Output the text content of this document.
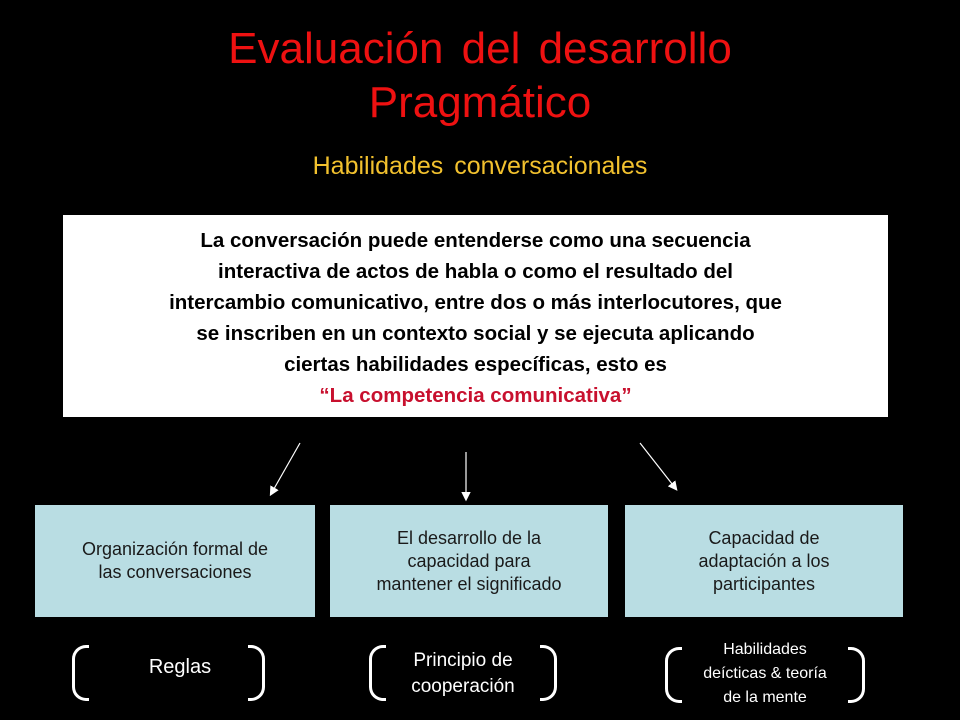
Evaluación del desarrollo
Pragmático
Habilidades conversacionales
La conversación puede entenderse como una secuencia
interactiva de actos de habla o como el resultado del
intercambio comunicativo, entre dos o más interlocutores, que
se inscriben en un contexto social y se ejecuta aplicando
ciertas habilidades específicas, esto es
“La competencia comunicativa”
Organización formal de
las conversaciones
El desarrollo de la
capacidad para
mantener el significado
Capacidad de
adaptación a los
participantes
Reglas	Principio de
cooperación
Habilidades
deícticas & teoría
de la mente
